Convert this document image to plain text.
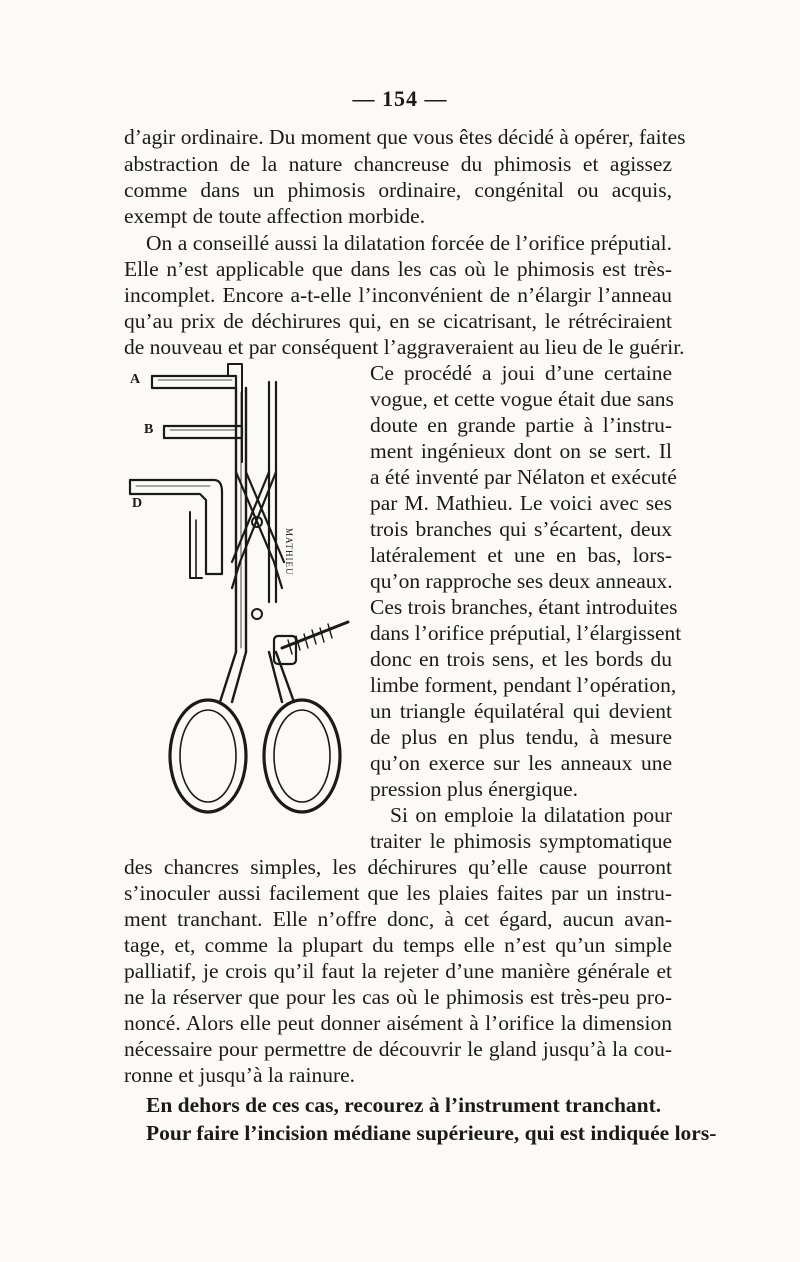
— 154 —
d’agir ordinaire. Du moment que vous êtes décidé à opérer, faites
abstraction de la nature chancreuse du phimosis et agissez
comme dans un phimosis ordinaire, congénital ou acquis,
exempt de toute affection morbide.
On a conseillé aussi la dilatation forcée de l’orifice préputial.
Elle n’est applicable que dans les cas où le phimosis est très-
incomplet. Encore a-t-elle l’inconvénient de n’élargir l’anneau
qu’au prix de déchirures qui, en se cicatrisant, le rétréciraient
de nouveau et par conséquent l’aggraveraient au lieu de le guérir.
Ce procédé a joui d’une certaine
vogue, et cette vogue était due sans
doute en grande partie à l’instru-
ment ingénieux dont on se sert. Il
a été inventé par Nélaton et exécuté
par M. Mathieu. Le voici avec ses
trois branches qui s’écartent, deux
latéralement et une en bas, lors-
qu’on rapproche ses deux anneaux.
Ces trois branches, étant introduites
dans l’orifice préputial, l’élargissent
donc en trois sens, et les bords du
limbe forment, pendant l’opération,
un triangle équilatéral qui devient
de plus en plus tendu, à mesure
qu’on exerce sur les anneaux une
pression plus énergique.
Si on emploie la dilatation pour
traiter le phimosis symptomatique
des chancres simples, les déchirures qu’elle cause pourront
s’inoculer aussi facilement que les plaies faites par un instru-
ment tranchant. Elle n’offre donc, à cet égard, aucun avan-
tage, et, comme la plupart du temps elle n’est qu’un simple
palliatif, je crois qu’il faut la rejeter d’une manière générale et
ne la réserver que pour les cas où le phimosis est très-peu pro-
noncé. Alors elle peut donner aisément à l’orifice la dimension
nécessaire pour permettre de découvrir le gland jusqu’à la cou-
ronne et jusqu’à la rainure.
En dehors de ces cas, recourez à l’instrument tranchant.
Pour faire l’incision médiane supérieure, qui est indiquée lors-
A
B
D
MATHIEU
